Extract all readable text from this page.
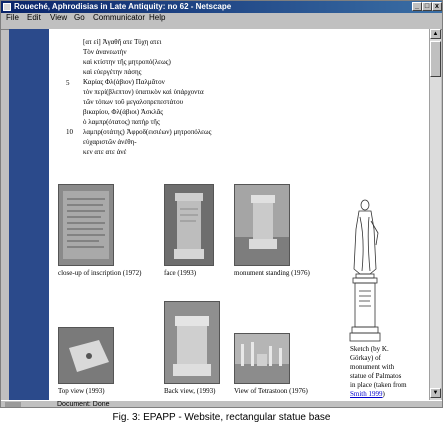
Roueché, Aphrodisias in Late Antiquity: no 62 - Netscape	_ □ x
File Edit View Go Communicator Help
[ατ εἰ] Ἀγαθῆ ατε Τύχη ατει
Τὸν ἀνανεωτὴν
καὶ κτίστην τῆς μητροπό(λεως)
καὶ εὐεργέτην πάσης
Καρίας Φλ(άβιον) Παλμᾶτον
τὸν περί(βλεπτον) ὑπατικὸν καὶ ὑπάρχοντα
τῶν τόπων τοῦ μεγαλοπρεπεστάτου
βικαρίου, Φλ(άβιοι) Ἀσκλᾶς
ὁ λαμπρ(ότατος) πατὴρ τῆς
λαμπρ(οτάτης) Ἀφροδ(εισιέων) μητροπόλεως
εὐχαριστῶν ἀνέθη-
κεν ατε ατε ἀνέ
5
10
close-up of inscription (1972)	face (1993)	monument standing (1976)
Top view (1993)	Back view, (1993)	View of Tetrastoon (1976)
Sketch (by K.
Görkay) of
monument with
statue of Palmatos
in place (taken from
Smith 1999)
▲
▼
Document: Done
Fig. 3: EPAPP - Website, rectangular statue base
